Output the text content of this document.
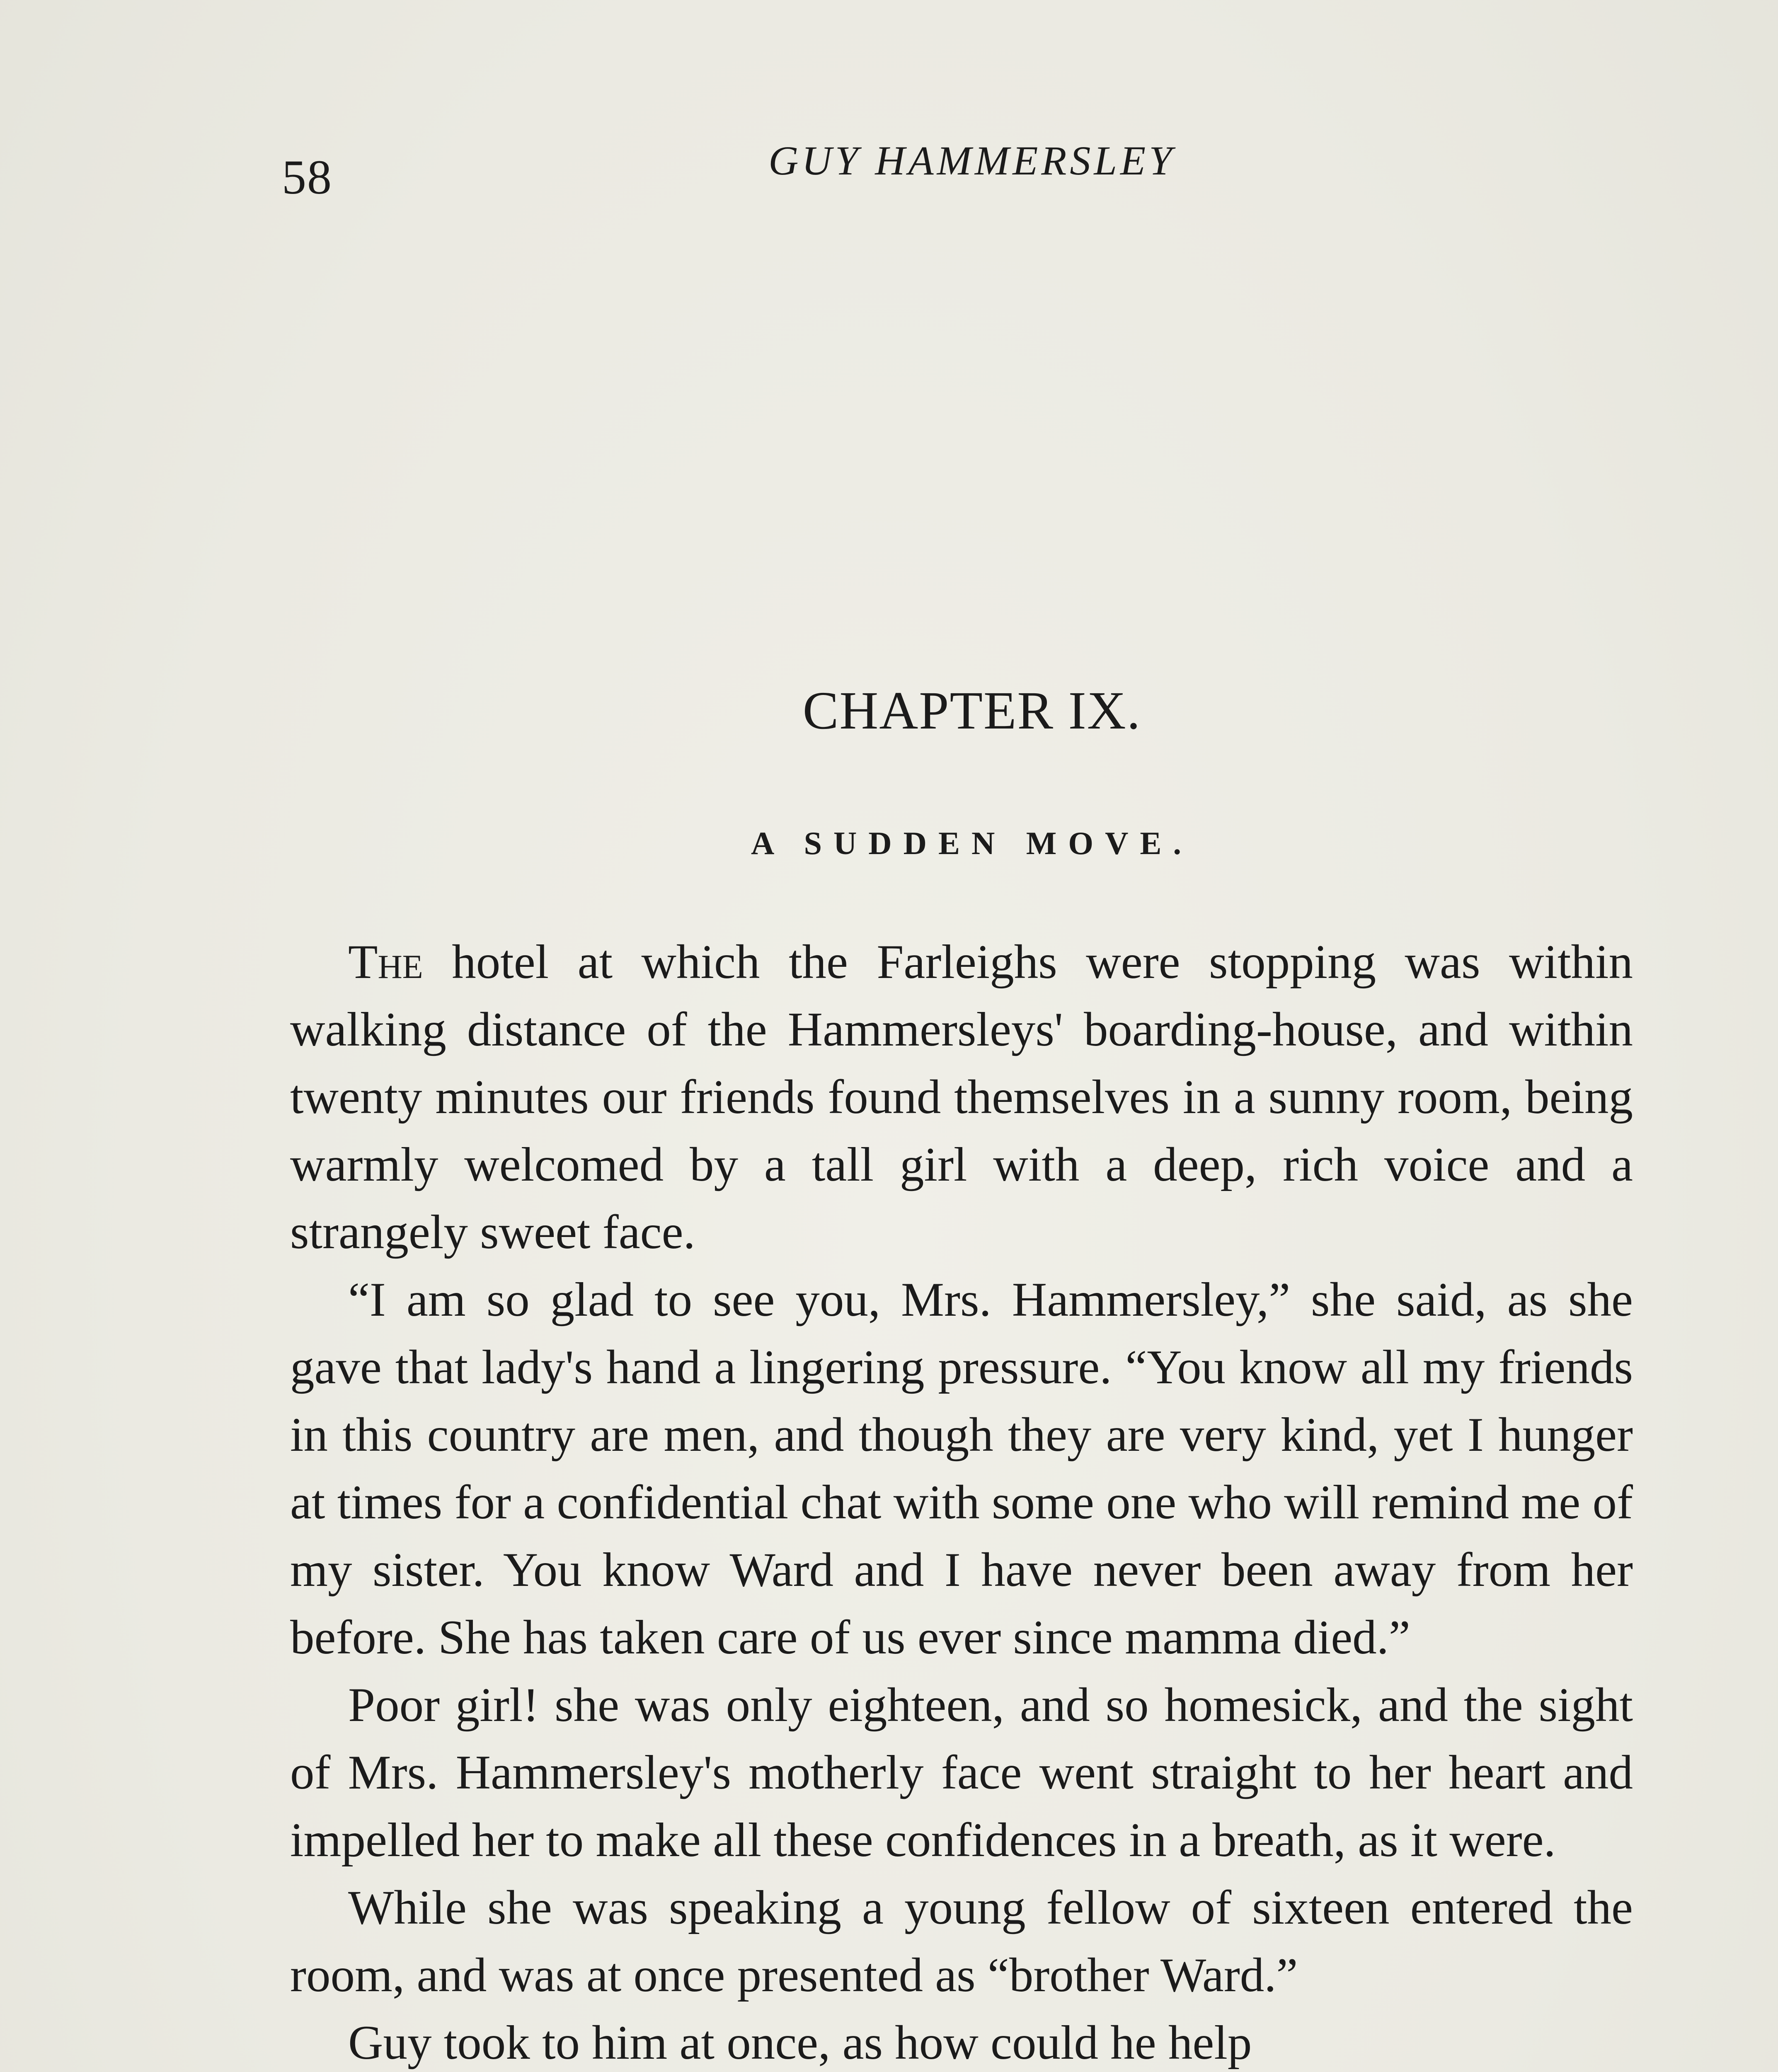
58	GUY HAMMERSLEY
CHAPTER IX.
A SUDDEN MOVE.

The hotel at which the Farleighs were stopping was within walking distance of the Hammersleys' boarding-house, and within twenty minutes our friends found themselves in a sunny room, being warmly welcomed by a tall girl with a deep, rich voice and a strangely sweet face.

“I am so glad to see you, Mrs. Hammersley,” she said, as she gave that lady's hand a lingering pressure. “You know all my friends in this country are men, and though they are very kind, yet I hunger at times for a confidential chat with some one who will remind me of my sister. You know Ward and I have never been away from her before. She has taken care of us ever since mamma died.”

Poor girl! she was only eighteen, and so homesick, and the sight of Mrs. Hammersley's motherly face went straight to her heart and impelled her to make all these confidences in a breath, as it were.

While she was speaking a young fellow of sixteen entered the room, and was at once presented as “brother Ward.”

Guy took to him at once, as how could he help
